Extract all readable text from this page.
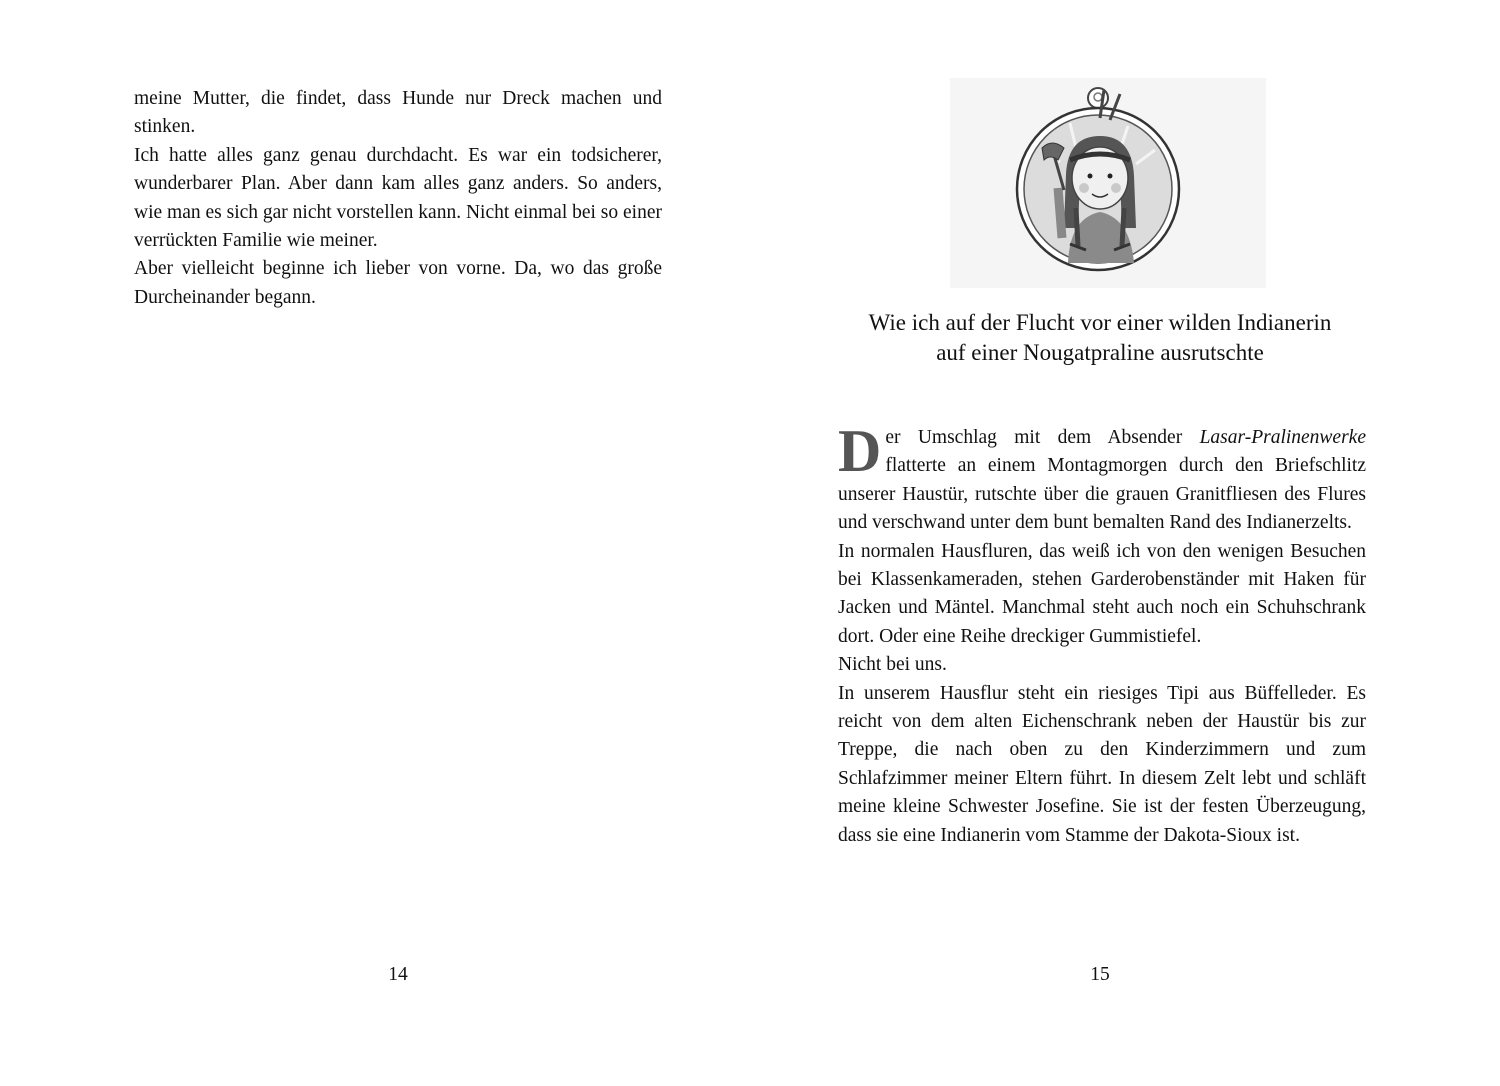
meine Mutter, die findet, dass Hunde nur Dreck machen und stinken.

Ich hatte alles ganz genau durchdacht. Es war ein todsicherer, wunderbarer Plan. Aber dann kam alles ganz anders. So anders, wie man es sich gar nicht vorstellen kann. Nicht einmal bei so einer verrückten Familie wie meiner.

Aber vielleicht beginne ich lieber von vorne. Da, wo das große Durcheinander begann.

14
Wie ich auf der Flucht vor einer wilden Indianerin
auf einer Nougatpraline ausrutschte

Der Umschlag mit dem Absender Lasar-Pralinenwerke flatterte an einem Montagmorgen durch den Briefschlitz unserer Haustür, rutschte über die grauen Granitfliesen des Flures und verschwand unter dem bunt bemalten Rand des Indianerzelts.

In normalen Hausfluren, das weiß ich von den wenigen Besuchen bei Klassenkameraden, stehen Garderobenständer mit Haken für Jacken und Mäntel. Manchmal steht auch noch ein Schuhschrank dort. Oder eine Reihe dreckiger Gummistiefel.

Nicht bei uns.

In unserem Hausflur steht ein riesiges Tipi aus Büffelleder. Es reicht von dem alten Eichenschrank neben der Haustür bis zur Treppe, die nach oben zu den Kinderzimmern und zum Schlafzimmer meiner Eltern führt. In diesem Zelt lebt und schläft meine kleine Schwester Josefine. Sie ist der festen Überzeugung, dass sie eine Indianerin vom Stamme der Dakota-Sioux ist.

15
